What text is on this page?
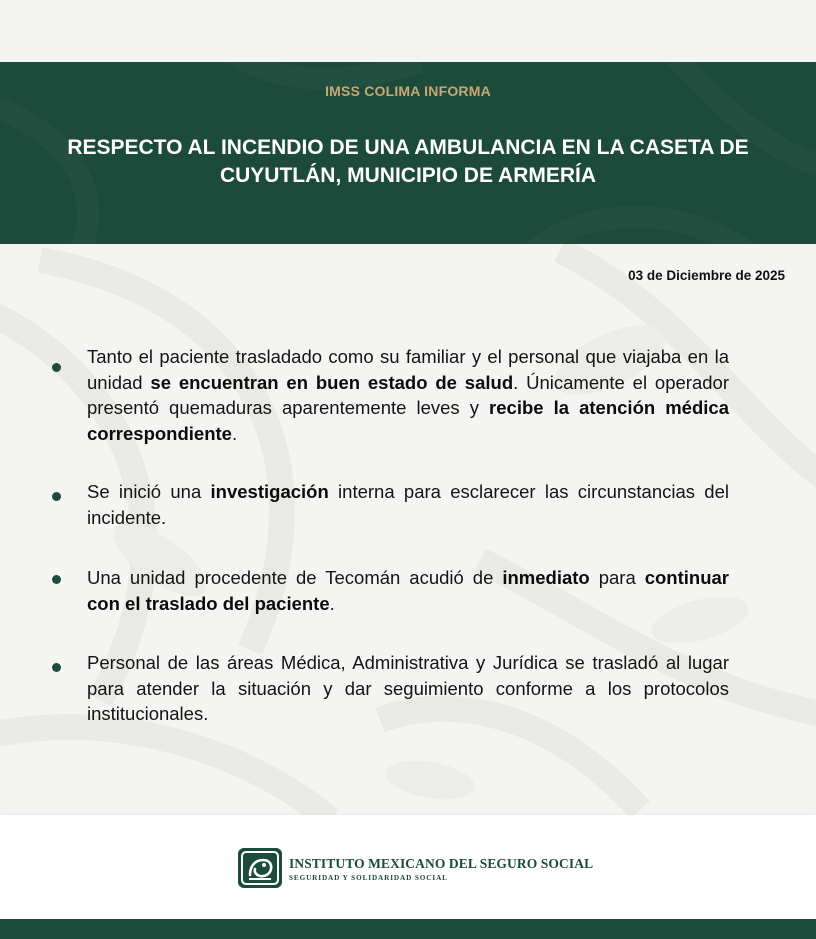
IMSS COLIMA INFORMA
RESPECTO AL INCENDIO DE UNA AMBULANCIA EN LA CASETA DE CUYUTLÁN, MUNICIPIO DE ARMERÍA
03 de Diciembre de 2025

Tanto el paciente trasladado como su familiar y el personal que viajaba en la unidad se encuentran en buen estado de salud. Únicamente el operador presentó quemaduras aparentemente leves y recibe la atención médica correspondiente.

Se inició una investigación interna para esclarecer las circunstancias del incidente.

Una unidad procedente de Tecomán acudió de inmediato para continuar con el traslado del paciente.

Personal de las áreas Médica, Administrativa y Jurídica se trasladó al lugar para atender la situación y dar seguimiento conforme a los protocolos institucionales.

INSTITUTO MEXICANO DEL SEGURO SOCIAL
SEGURIDAD Y SOLIDARIDAD SOCIAL
